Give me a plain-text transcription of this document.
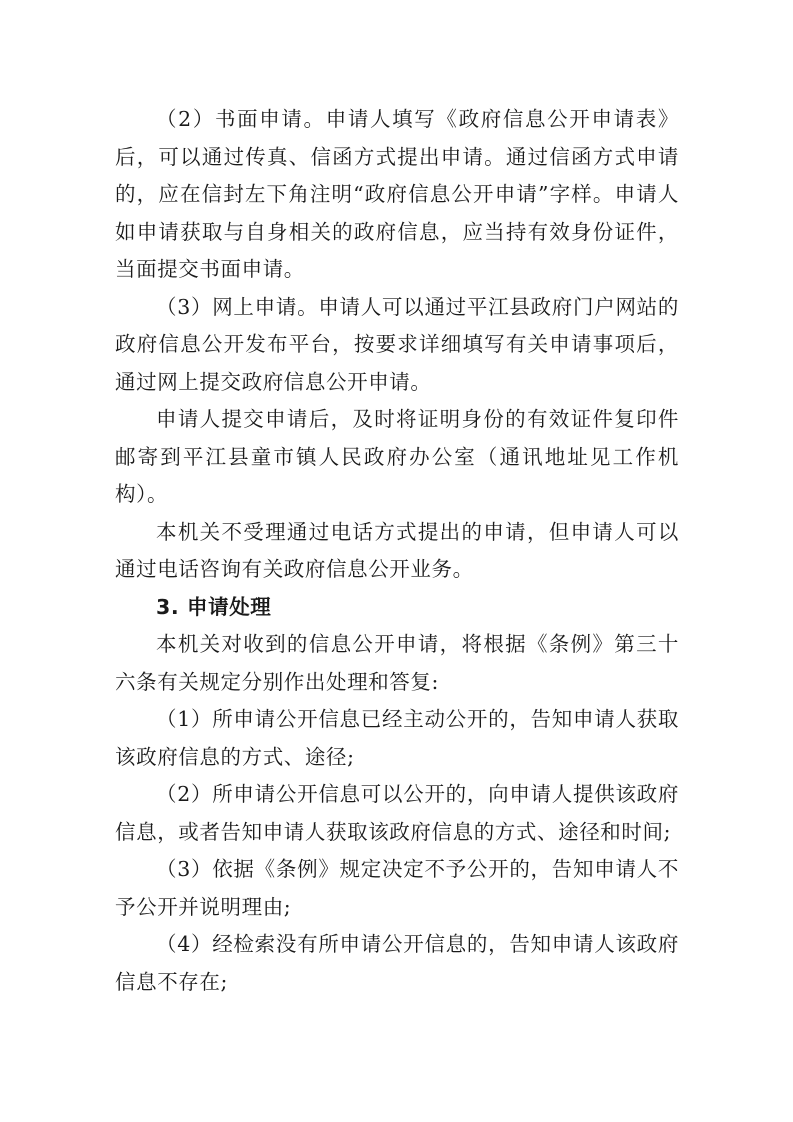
（2）书面申请。申请人填写《政府信息公开申请表》后，可以通过传真、信函方式提出申请。通过信函方式申请的，应在信封左下角注明“政府信息公开申请”字样。申请人如申请获取与自身相关的政府信息，应当持有效身份证件，当面提交书面申请。

（3）网上申请。申请人可以通过平江县政府门户网站的政府信息公开发布平台，按要求详细填写有关申请事项后，通过网上提交政府信息公开申请。

申请人提交申请后，及时将证明身份的有效证件复印件邮寄到平江县童市镇人民政府办公室（通讯地址见工作机构）。

本机关不受理通过电话方式提出的申请，但申请人可以通过电话咨询有关政府信息公开业务。

3. 申请处理

本机关对收到的信息公开申请，将根据《条例》第三十六条有关规定分别作出处理和答复:

（1）所申请公开信息已经主动公开的，告知申请人获取该政府信息的方式、途径;

（2）所申请公开信息可以公开的，向申请人提供该政府信息，或者告知申请人获取该政府信息的方式、途径和时间;

（3）依据《条例》规定决定不予公开的，告知申请人不予公开并说明理由;

（4）经检索没有所申请公开信息的，告知申请人该政府信息不存在;
